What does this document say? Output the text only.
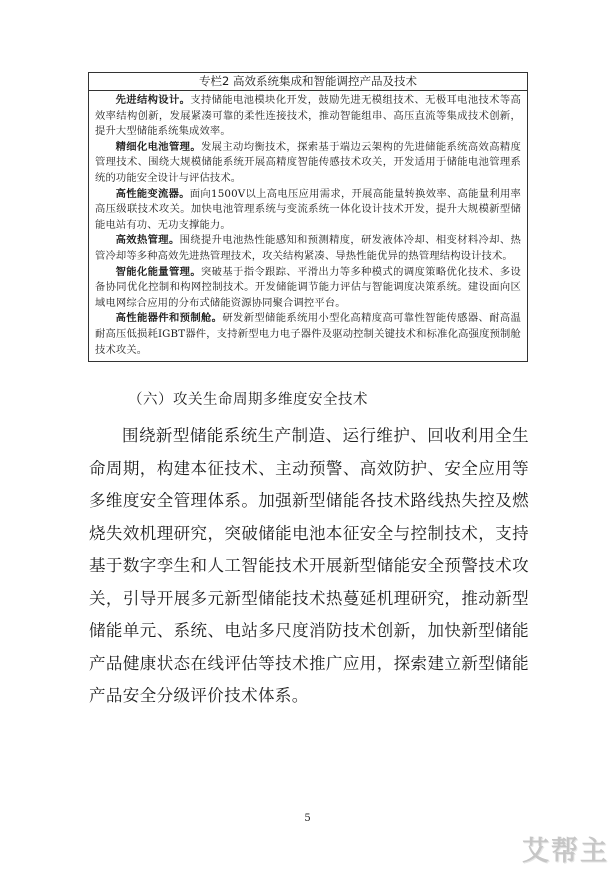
专栏2 高效系统集成和智能调控产品及技术

先进结构设计。支持储能电池模块化开发，鼓励先进无模组技术、无极耳电池技术等高效率结构创新，发展紧凑可靠的柔性连接技术，推动智能组串、高压直流等集成技术创新，提升大型储能系统集成效率。

精细化电池管理。发展主动均衡技术，探索基于端边云架构的先进储能系统高效高精度管理技术、围绕大规模储能系统开展高精度智能传感技术攻关，开发适用于储能电池管理系统的功能安全设计与评估技术。

高性能变流器。面向1500V以上高电压应用需求，开展高能量转换效率、高能量利用率高压级联技术攻关。加快电池管理系统与变流系统一体化设计技术开发，提升大规模新型储能电站有功、无功支撑能力。

高效热管理。围绕提升电池热性能感知和预测精度，研发液体冷却、相变材料冷却、热管冷却等多种高效先进热管理技术，攻关结构紧凑、导热性能优异的热管理结构设计技术。

智能化能量管理。突破基于指令跟踪、平滑出力等多种模式的调度策略优化技术、多设备协同优化控制和构网控制技术。开发储能调节能力评估与智能调度决策系统。建设面向区域电网综合应用的分布式储能资源协同聚合调控平台。

高性能器件和预制舱。研发新型储能系统用小型化高精度高可靠性智能传感器、耐高温耐高压低损耗IGBT器件，支持新型电力电子器件及驱动控制关键技术和标准化高强度预制舱技术攻关。

（六）攻关生命周期多维度安全技术

围绕新型储能系统生产制造、运行维护、回收利用全生命周期，构建本征技术、主动预警、高效防护、安全应用等多维度安全管理体系。加强新型储能各技术路线热失控及燃烧失效机理研究，突破储能电池本征安全与控制技术，支持基于数字孪生和人工智能技术开展新型储能安全预警技术攻关，引导开展多元新型储能技术热蔓延机理研究，推动新型储能单元、系统、电站多尺度消防技术创新，加快新型储能产品健康状态在线评估等技术推广应用，探索建立新型储能产品安全分级评价技术体系。

5
艾帮主
